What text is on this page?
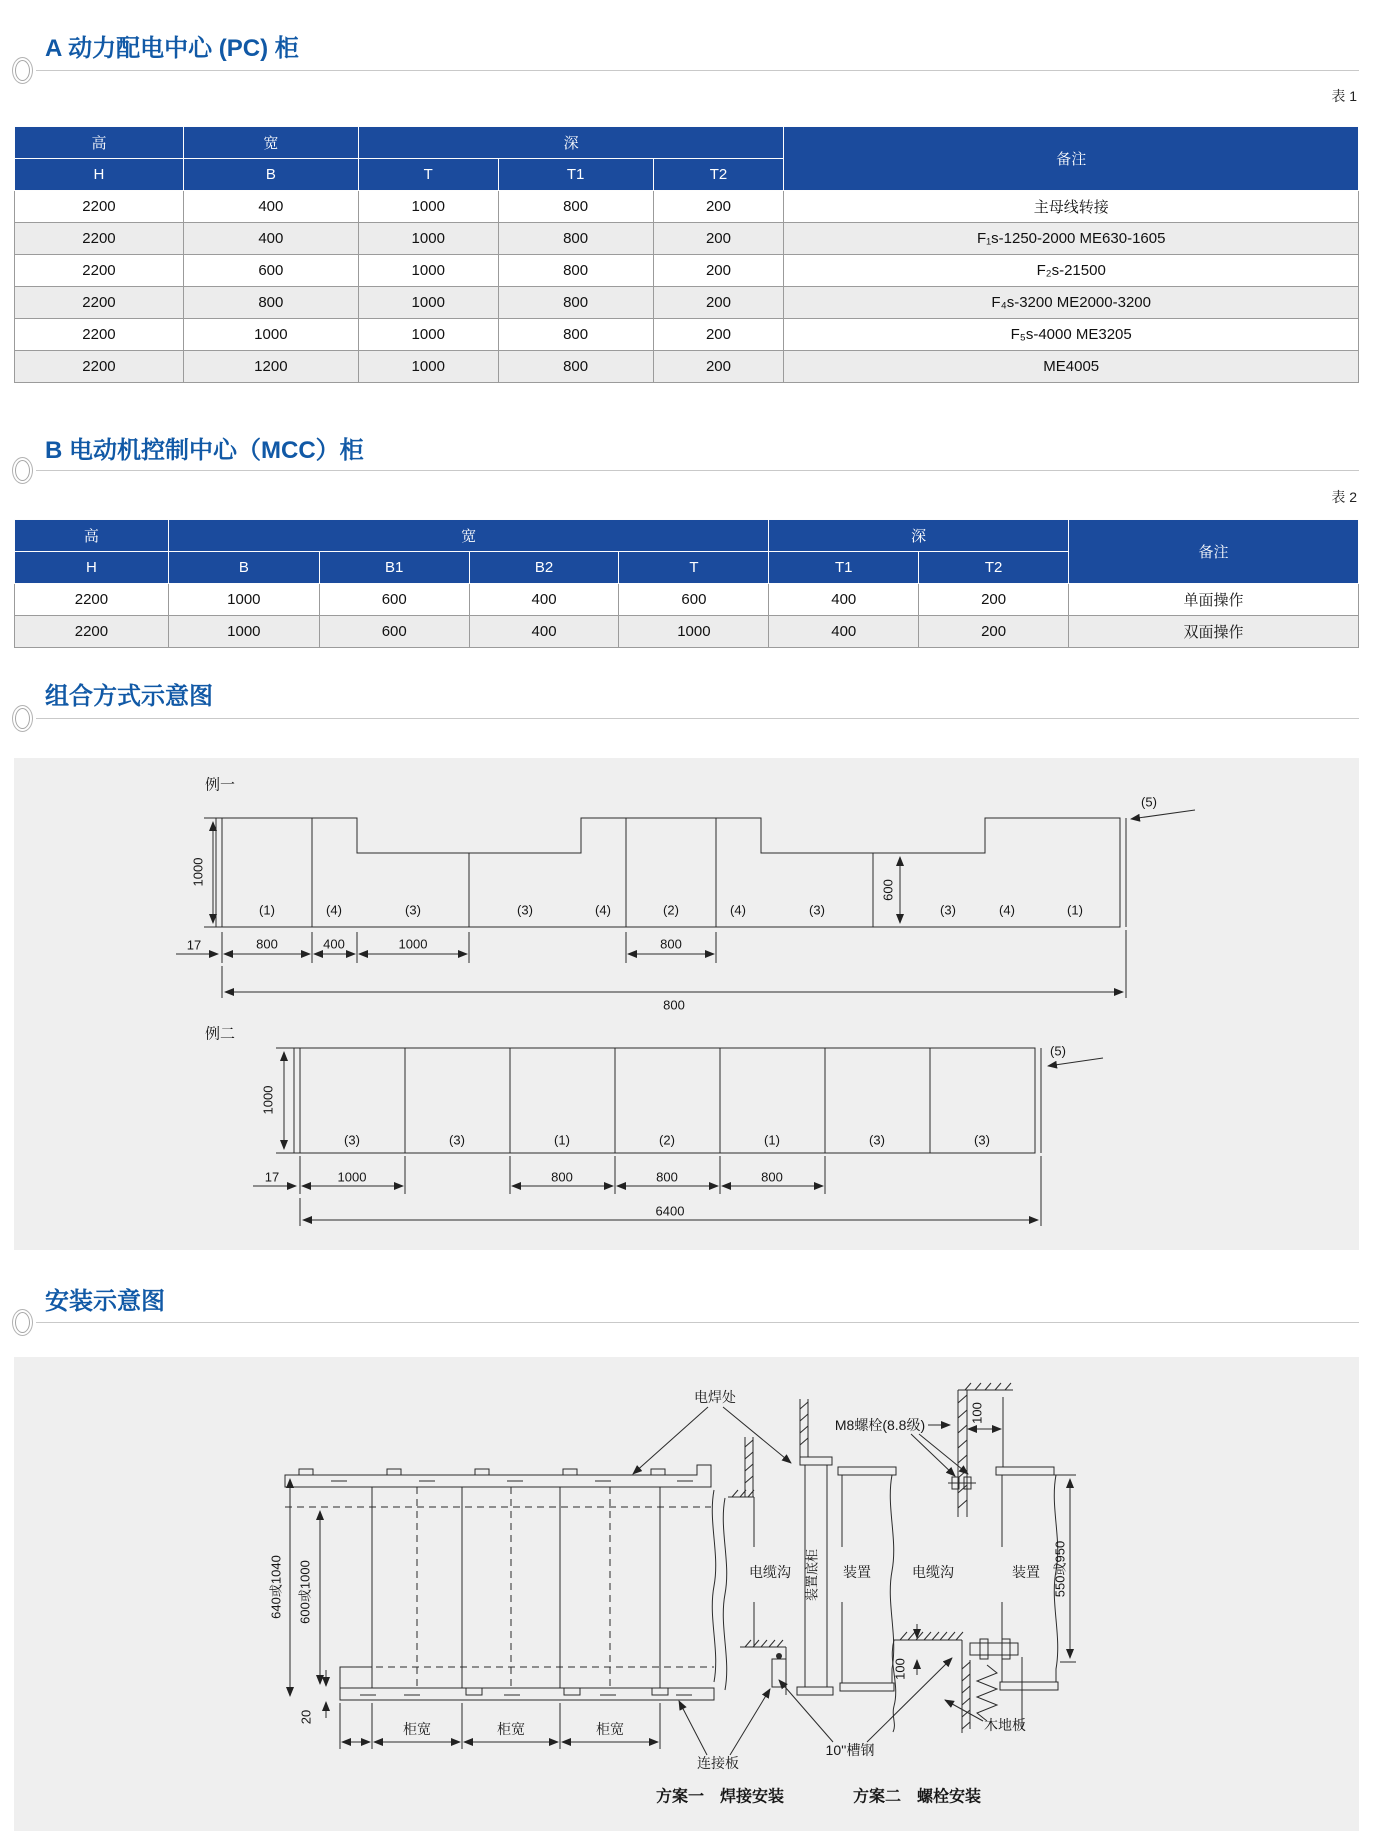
A 动力配电中心 (PC) 柜
表 1
高	宽	深			备注
H	B	T	T1	T2	
2200	400	1000	800	200	主母线转接
2200	400	1000	800	200	F₁s-1250-2000 ME630-1605
2200	600	1000	800	200	F₂s-21500
2200	800	1000	800	200	F₄s-3200 ME2000-3200
2200	1000	1000	800	200	F₅s-4000 ME3205
2200	1200	1000	800	200	ME4005
B 电动机控制中心（MCC）柜
表 2
高	宽				深		备注
H	B	B1	B2	T	T1	T2	
2200	1000	600	400	600	400	200	单面操作
2200	1000	600	400	1000	400	200	双面操作
组合方式示意图
例一
1000
(1)	(4)	(3)	(3)	(4)	(2)	(4)	(3)
600
(3)	(4)	(1)
(5)
17	800	400	1000	800
800
例二
1000
(3)	(3)	(1)	(2)	(1)	(3)	(3)
(5)
17	1000	800	800	800
6400
安装示意图
电焊处
M8螺栓(8.8级)
100
640或1040 600或1000	电缆沟 装置底柜 装置	电缆沟	装置 550或950
100
20
柜宽	柜宽	柜宽
连接板
10''槽钢
木地板
方案一　焊接安装	方案二　螺栓安装
